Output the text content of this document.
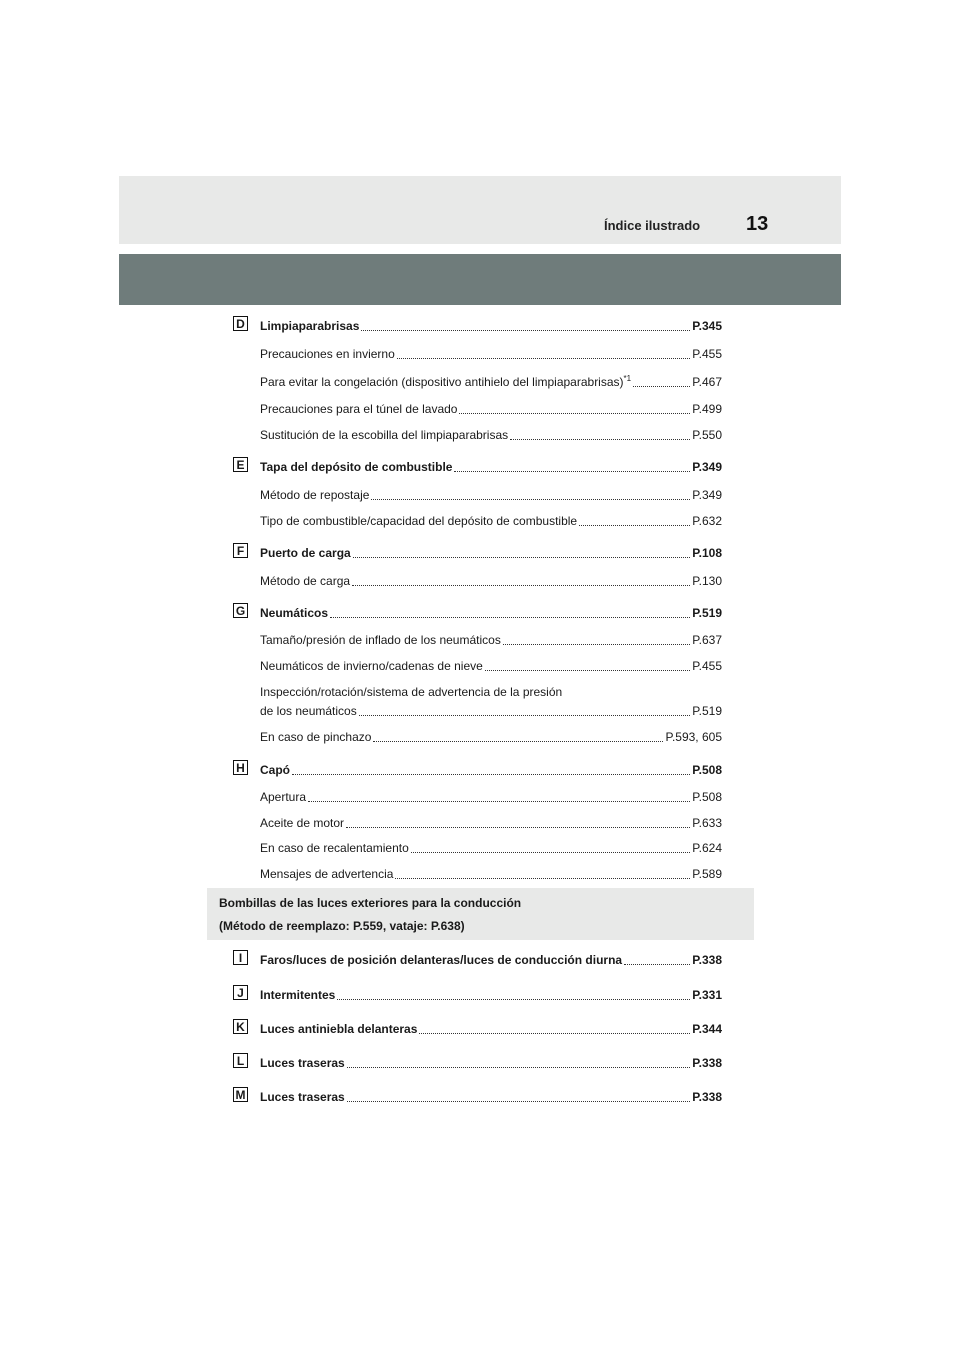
Índice ilustrado 13
D Limpiaparabrisas	P.345
Precauciones en invierno	P.455
Para evitar la congelación (dispositivo antihielo del limpiaparabrisas)$^{*1}$	P.467
Precauciones para el túnel de lavado	P.499
Sustitución de la escobilla del limpiaparabrisas	P.550
E Tapa del depósito de combustible	P.349
Método de repostaje	P.349
Tipo de combustible/capacidad del depósito de combustible	P.632
F	Puerto de carga	P.108
Método de carga	P.130
G Neumáticos	P.519
Tamaño/presión de inflado de los neumáticos	P.637
Neumáticos de invierno/cadenas de nieve	P.455
Inspección/rotación/sistema de advertencia de la presión
de los neumáticos	P.519
En caso de pinchazo	P.593, 605
H Capó	P.508
Apertura	P.508
Aceite de motor	P.633
En caso de recalentamiento	P.624
Mensajes de advertencia	P.589
Bombillas de las luces exteriores para la conducción
(Método de reemplazo: P.559, vataje: P.638)
I	Faros/luces de posición delanteras/luces de conducción diurna	P.338
J	Intermitentes	P.331
K Luces antiniebla delanteras	P.344
L	Luces traseras	P.338
M Luces traseras	P.338
